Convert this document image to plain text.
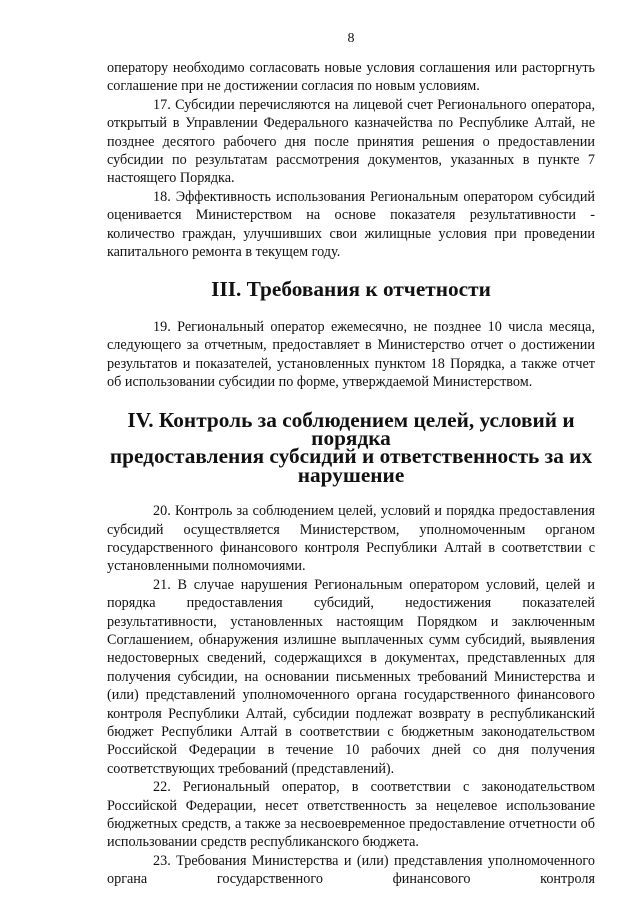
8

оператору необходимо согласовать новые условия соглашения или расторгнуть соглашение при не достижении согласия по новым условиям.

17. Субсидии перечисляются на лицевой счет Регионального оператора, открытый в Управлении Федерального казначейства по Республике Алтай, не позднее десятого рабочего дня после принятия решения о предоставлении субсидии по результатам рассмотрения документов, указанных в пункте 7 настоящего Порядка.

18. Эффективность использования Региональным оператором субсидий оценивается Министерством на основе показателя результативности - количество граждан, улучшивших свои жилищные условия при проведении капитального ремонта в текущем году.

III. Требования к отчетности

19. Региональный оператор ежемесячно, не позднее 10 числа месяца, следующего за отчетным, предоставляет в Министерство отчет о достижении результатов и показателей, установленных пунктом 18 Порядка, а также отчет об использовании субсидии по форме, утверждаемой Министерством.

IV. Контроль за соблюдением целей, условий и порядка
предоставления субсидий и ответственность за их нарушение

20. Контроль за соблюдением целей, условий и порядка предоставления субсидий осуществляется Министерством, уполномоченным органом государственного финансового контроля Республики Алтай в соответствии с установленными полномочиями.

21. В случае нарушения Региональным оператором условий, целей и порядка предоставления субсидий, недостижения показателей результативности, установленных настоящим Порядком и заключенным Соглашением, обнаружения излишне выплаченных сумм субсидий, выявления недостоверных сведений, содержащихся в документах, представленных для получения субсидии, на основании письменных требований Министерства и (или) представлений уполномоченного органа государственного финансового контроля Республики Алтай, субсидии подлежат возврату в республиканский бюджет Республики Алтай в соответствии с бюджетным законодательством Российской Федерации в течение 10 рабочих дней со дня получения соответствующих требований (представлений).

22. Региональный оператор, в соответствии с законодательством Российской Федерации, несет ответственность за нецелевое использование бюджетных средств, а также за несвоевременное предоставление отчетности об использовании средств республиканского бюджета.

23. Требования Министерства и (или) представления уполномоченного органа государственного финансового контроля
